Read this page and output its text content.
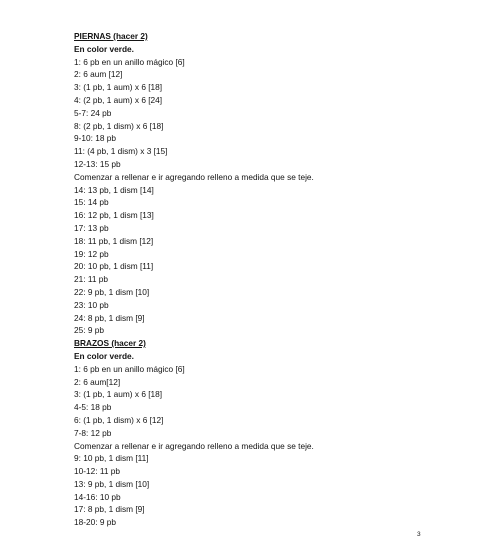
PIERNAS (hacer 2)
En color verde.
1: 6 pb en un anillo mágico [6]
2: 6 aum [12]
3: (1 pb, 1 aum) x 6 [18]
4: (2 pb, 1 aum) x 6 [24]
5-7: 24 pb
8: (2 pb, 1 dism) x 6 [18]
9-10: 18 pb
11: (4 pb, 1 dism) x 3 [15]
12-13: 15 pb
Comenzar a rellenar e ir agregando relleno a medida que se teje.
14: 13 pb, 1 dism [14]
15: 14 pb
16: 12 pb, 1 dism [13]
17: 13 pb
18: 11 pb, 1 dism [12]
19: 12 pb
20: 10 pb, 1 dism [11]
21: 11 pb
22: 9 pb, 1 dism [10]
23: 10 pb
24: 8 pb, 1 dism [9]
25: 9 pb
BRAZOS (hacer 2)
En color verde.
1: 6 pb en un anillo mágico [6]
2: 6 aum[12]
3: (1 pb, 1 aum) x 6 [18]
4-5: 18 pb
6: (1 pb, 1 dism) x 6 [12]
7-8: 12 pb
Comenzar a rellenar e ir agregando relleno a medida que se teje.
9: 10 pb, 1 dism [11]
10-12: 11 pb
13: 9 pb, 1 dism [10]
14-16: 10 pb
17: 8 pb, 1 dism [9]
18-20: 9 pb
3
